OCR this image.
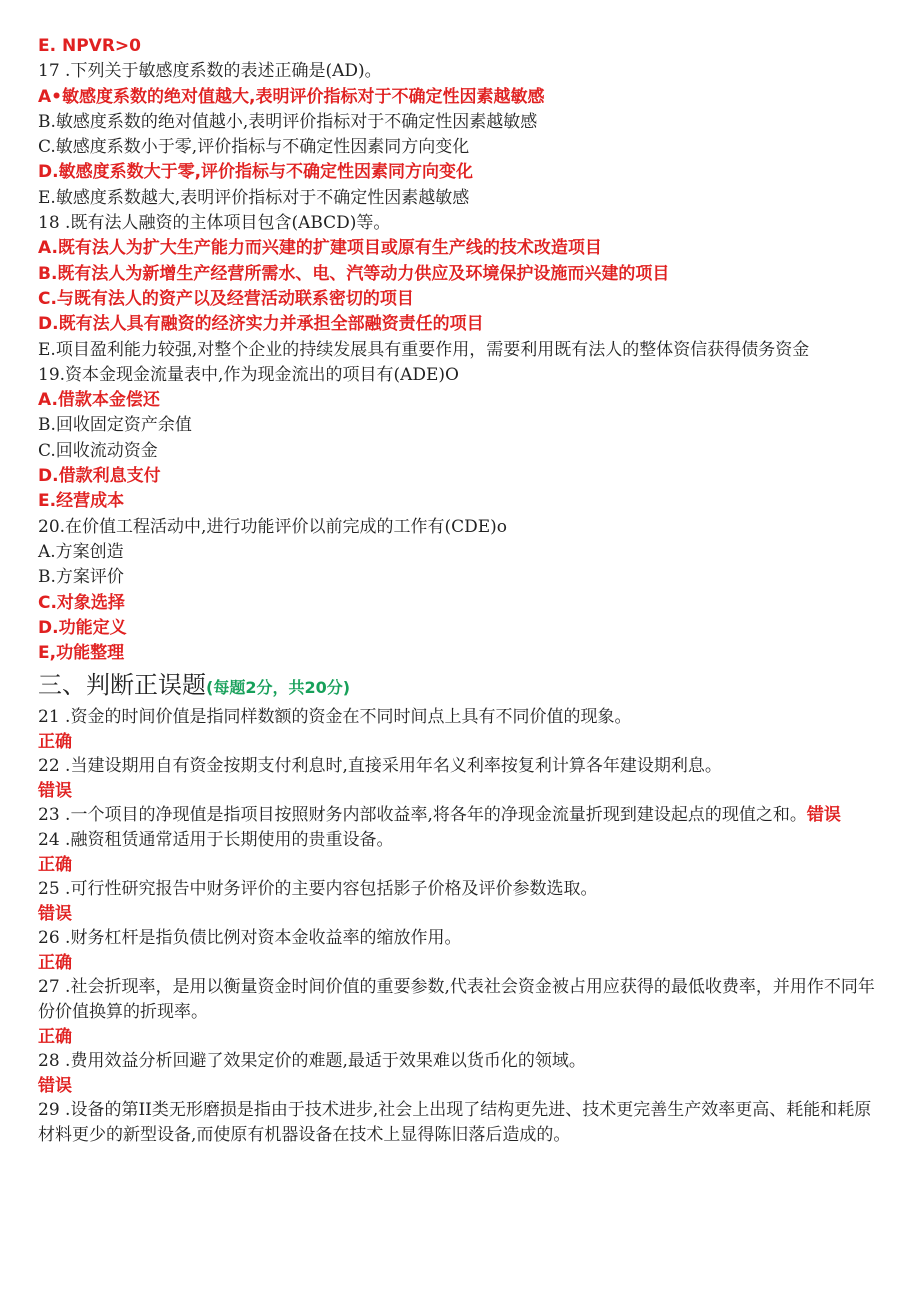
E. NPVR>0
17 .下列关于敏感度系数的表述正确是(AD)。
A•敏感度系数的绝对值越大,表明评价指标对于不确定性因素越敏感
B.敏感度系数的绝对值越小,表明评价指标对于不确定性因素越敏感
C.敏感度系数小于零,评价指标与不确定性因素同方向变化
D.敏感度系数大于零,评价指标与不确定性因素同方向变化
E.敏感度系数越大,表明评价指标对于不确定性因素越敏感
18 .既有法人融资的主体项目包含(ABCD)等。
A.既有法人为扩大生产能力而兴建的扩建项目或原有生产线的技术改造项目
B.既有法人为新增生产经营所需水、电、汽等动力供应及环境保护设施而兴建的项目
C.与既有法人的资产以及经营活动联系密切的项目
D.既有法人具有融资的经济实力并承担全部融资责任的项目
E.项目盈利能力较强,对整个企业的持续发展具有重要作用，需要利用既有法人的整体资信获得债务资金
19.资本金现金流量表中,作为现金流出的项目有(ADE)O
A.借款本金偿还
B.回收固定资产余值
C.回收流动资金
D.借款利息支付
E.经营成本
20.在价值工程活动中,进行功能评价以前完成的工作有(CDE)o
A.方案创造
B.方案评价
C.对象选择
D.功能定义
E,功能整理
三、判断正误题(每题2分，共20分)
21 .资金的时间价值是指同样数额的资金在不同时间点上具有不同价值的现象。
正确
22 .当建设期用自有资金按期支付利息时,直接采用年名义利率按复利计算各年建设期利息。
错误
23 .一个项目的净现值是指项目按照财务内部收益率,将各年的净现金流量折现到建设起点的现值之和。错误
24 .融资租赁通常适用于长期使用的贵重设备。
正确
25 .可行性研究报告中财务评价的主要内容包括影子价格及评价参数选取。
错误
26 .财务杠杆是指负债比例对资本金收益率的缩放作用。
正确
27 .社会折现率，是用以衡量资金时间价值的重要参数,代表社会资金被占用应获得的最低收费率，并用作不同年份价值换算的折现率。
正确
28 .费用效益分析回避了效果定价的难题,最适于效果难以货币化的领域。
错误
29 .设备的第II类无形磨损是指由于技术进步,社会上出现了结构更先进、技术更完善生产效率更高、耗能和耗原材料更少的新型设备,而使原有机器设备在技术上显得陈旧落后造成的。
